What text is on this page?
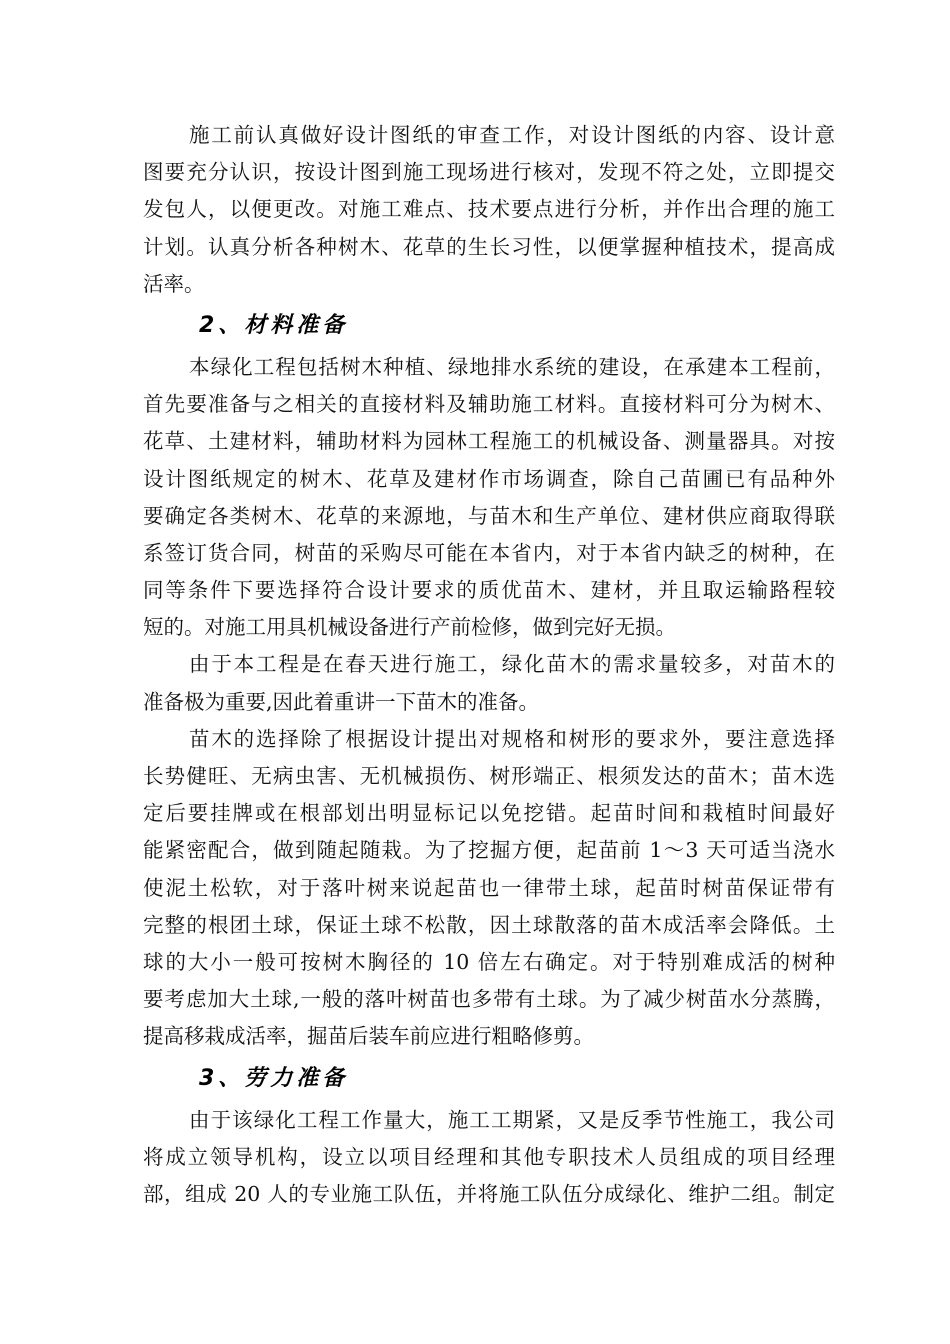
施工前认真做好设计图纸的审查工作，对设计图纸的内容、设计意
图要充分认识，按设计图到施工现场进行核对，发现不符之处，立即提交
发包人，以便更改。对施工难点、技术要点进行分析，并作出合理的施工
计划。认真分析各种树木、花草的生长习性，以便掌握种植技术，提高成
活率。
2、材料准备
本绿化工程包括树木种植、绿地排水系统的建设，在承建本工程前，
首先要准备与之相关的直接材料及辅助施工材料。直接材料可分为树木、
花草、土建材料，辅助材料为园林工程施工的机械设备、测量器具。对按
设计图纸规定的树木、花草及建材作市场调查，除自己苗圃已有品种外
要确定各类树木、花草的来源地，与苗木和生产单位、建材供应商取得联
系签订货合同，树苗的采购尽可能在本省内，对于本省内缺乏的树种，在
同等条件下要选择符合设计要求的质优苗木、建材，并且取运输路程较
短的。对施工用具机械设备进行产前检修，做到完好无损。
由于本工程是在春天进行施工，绿化苗木的需求量较多，对苗木的
准备极为重要,因此着重讲一下苗木的准备。
苗木的选择除了根据设计提出对规格和树形的要求外，要注意选择
长势健旺、无病虫害、无机械损伤、树形端正、根须发达的苗木；苗木选
定后要挂牌或在根部划出明显标记以免挖错。起苗时间和栽植时间最好
能紧密配合，做到随起随栽。为了挖掘方便，起苗前 1～3 天可适当浇水
使泥土松软，对于落叶树来说起苗也一律带土球，起苗时树苗保证带有
完整的根团土球，保证土球不松散，因土球散落的苗木成活率会降低。土
球的大小一般可按树木胸径的 10 倍左右确定。对于特别难成活的树种
要考虑加大土球,一般的落叶树苗也多带有土球。为了减少树苗水分蒸腾，
提高移栽成活率，掘苗后装车前应进行粗略修剪。
3、劳力准备
由于该绿化工程工作量大，施工工期紧，又是反季节性施工，我公司
将成立领导机构，设立以项目经理和其他专职技术人员组成的项目经理
部，组成 20 人的专业施工队伍，并将施工队伍分成绿化、维护二组。制定
